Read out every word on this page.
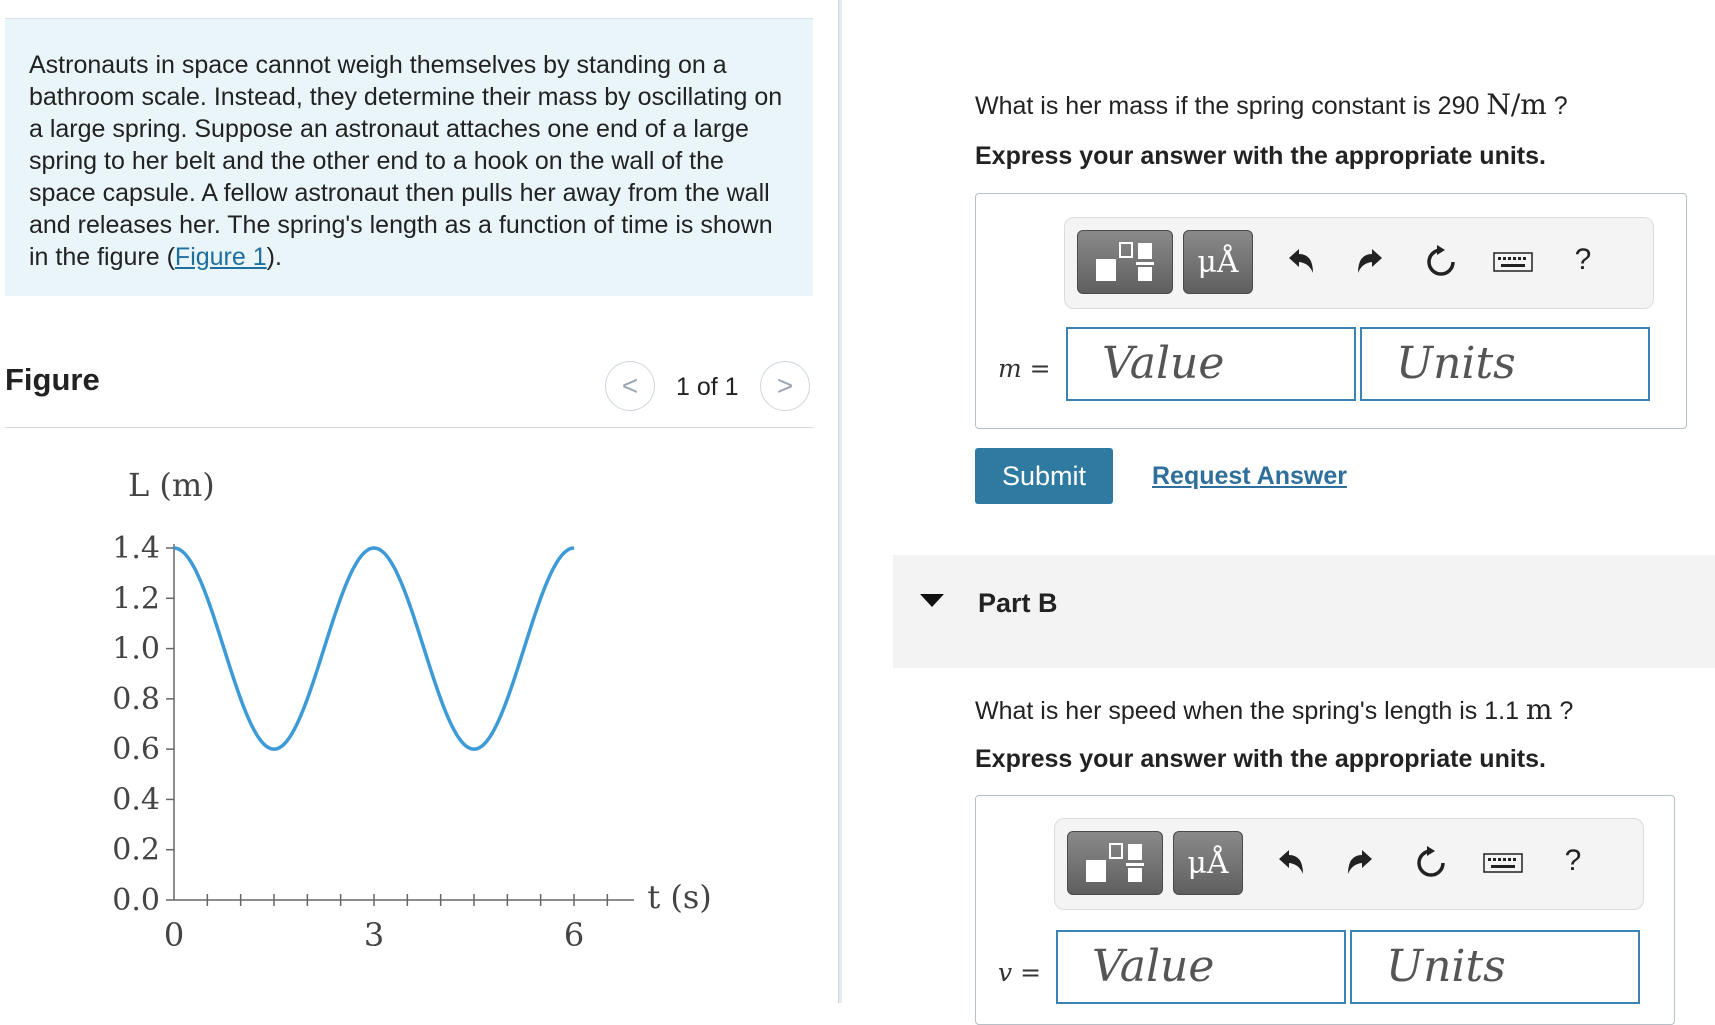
Astronauts in space cannot weigh themselves by standing on a bathroom scale. Instead, they determine their mass by oscillating on a large spring. Suppose an astronaut attaches one end of a large spring to her belt and the other end to a hook on the wall of the space capsule. A fellow astronaut then pulls her away from the wall and releases her. The spring's length as a function of time is shown in the figure (Figure 1).
Figure	< 1 of 1 >
0.0
0.2
0.4
0.6
0.8
1.0
1.2
1.4
0	3	6
L (m)
t (s)
What is her mass if the spring constant is 290 N/m ?
Express your answer with the appropriate units.
μÅ	?
m =	Value	Units
Submit	Request Answer
Part B
What is her speed when the spring's length is 1.1 m ?
Express your answer with the appropriate units.
μÅ	?
v =	Value	Units
